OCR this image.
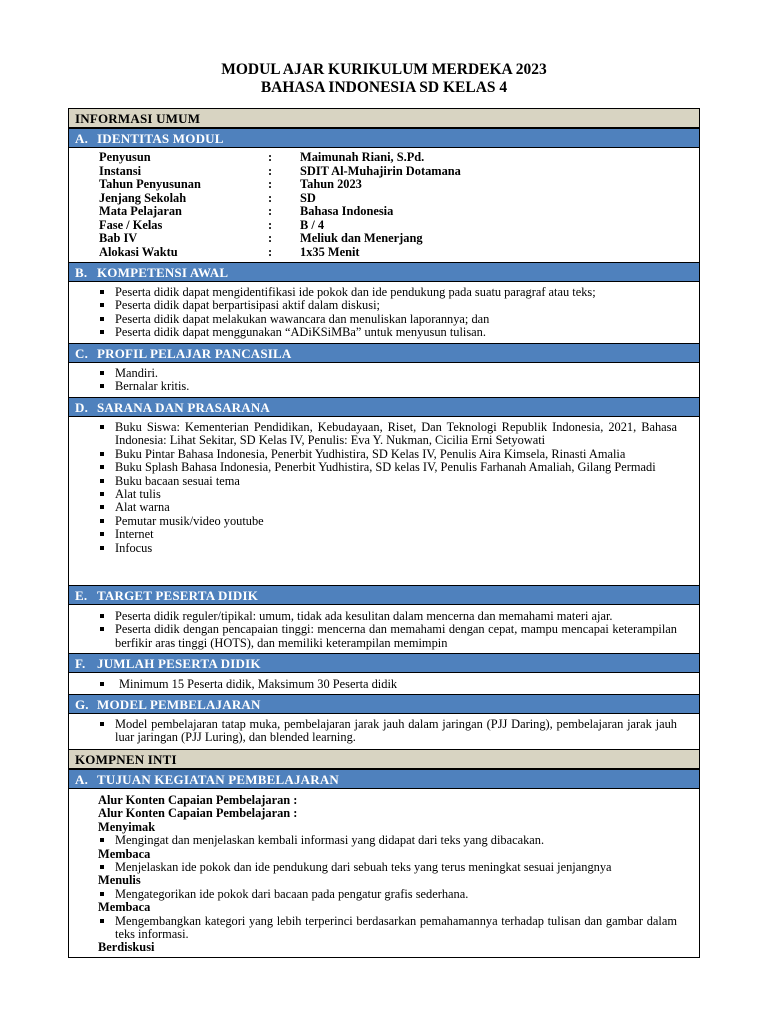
MODUL AJAR KURIKULUM MERDEKA 2023
BAHASA INDONESIA SD KELAS 4
INFORMASI UMUM
A. IDENTITAS MODUL
Penyusun	: Maimunah Riani, S.Pd.
Instansi	: SDIT Al-Muhajirin Dotamana
Tahun Penyusunan	: Tahun 2023
Jenjang Sekolah	: SD
Mata Pelajaran	: Bahasa Indonesia
Fase / Kelas	: B / 4
Bab IV	: Meliuk dan Menerjang
Alokasi Waktu	: 1x35 Menit
B. KOMPETENSI AWAL
Peserta didik dapat mengidentifikasi ide pokok dan ide pendukung pada suatu paragraf atau teks;
Peserta didik dapat berpartisipasi aktif dalam diskusi;
Peserta didik dapat melakukan wawancara dan menuliskan laporannya; dan
Peserta didik dapat menggunakan “ADiKSiMBa” untuk menyusun tulisan.
C. PROFIL PELAJAR PANCASILA
Mandiri.
Bernalar kritis.
D. SARANA DAN PRASARANA
Buku Siswa: Kementerian Pendidikan, Kebudayaan, Riset, Dan Teknologi Republik Indonesia, 2021, Bahasa Indonesia: Lihat Sekitar, SD Kelas IV, Penulis: Eva Y. Nukman, Cicilia Erni Setyowati
Buku Pintar Bahasa Indonesia, Penerbit Yudhistira, SD Kelas IV, Penulis Aira Kimsela, Rinasti Amalia
Buku Splash Bahasa Indonesia, Penerbit Yudhistira, SD kelas IV, Penulis Farhanah Amaliah, Gilang Permadi
Buku bacaan sesuai tema
Alat tulis
Alat warna
Pemutar musik/video youtube
Internet
Infocus
E. TARGET PESERTA DIDIK
Peserta didik reguler/tipikal: umum, tidak ada kesulitan dalam mencerna dan memahami materi ajar.
Peserta didik dengan pencapaian tinggi: mencerna dan memahami dengan cepat, mampu mencapai keterampilan berfikir aras tinggi (HOTS), dan memiliki keterampilan memimpin
F. JUMLAH PESERTA DIDIK
Minimum 15 Peserta didik, Maksimum 30 Peserta didik
G. MODEL PEMBELAJARAN
Model pembelajaran tatap muka, pembelajaran jarak jauh dalam jaringan (PJJ Daring), pembelajaran jarak jauh luar jaringan (PJJ Luring), dan blended learning.
KOMPNEN INTI
A. TUJUAN KEGIATAN PEMBELAJARAN
Alur Konten Capaian Pembelajaran :
Alur Konten Capaian Pembelajaran :
Menyimak
Mengingat dan menjelaskan kembali informasi yang didapat dari teks yang dibacakan.
Membaca
Menjelaskan ide pokok dan ide pendukung dari sebuah teks yang terus meningkat sesuai jenjangnya
Menulis
Mengategorikan ide pokok dari bacaan pada pengatur grafis sederhana.
Membaca
Mengembangkan kategori yang lebih terperinci berdasarkan pemahamannya terhadap tulisan dan gambar dalam teks informasi.
Berdiskusi
